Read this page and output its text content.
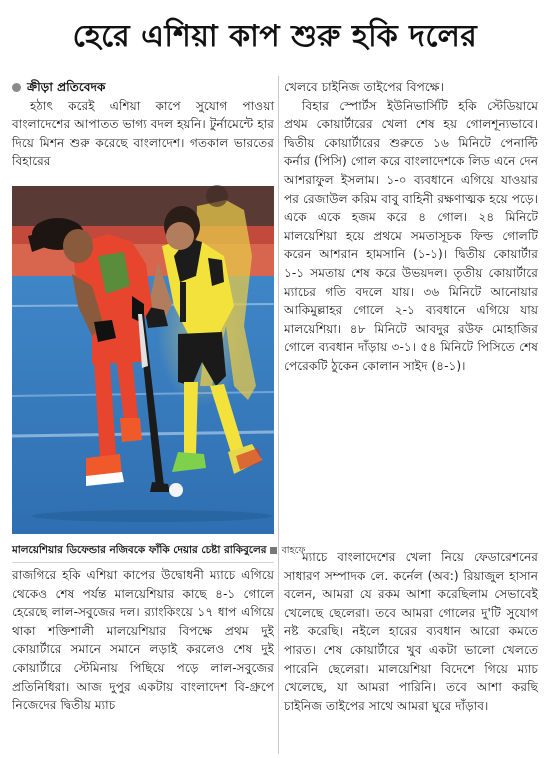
হেরে এশিয়া কাপ শুরু হকি দলের

ক্রীড়া প্রতিবেদক

হঠাৎ করেই এশিয়া কাপে সুযোগ পাওয়া বাংলাদেশের আপাতত ভাগ্য বদল হয়নি। টুর্নামেন্টে হার দিয়ে মিশন শুরু করেছে বাংলাদেশ। গতকাল ভারতের বিহারের

মালয়েশিয়ার ডিফেন্ডার নজিবকে ফাঁকি দেয়ার চেষ্টা রাকিবুলের বাহফে

খেলবে চাইনিজ তাইপের বিপক্ষে।

বিহার স্পোর্টস ইউনিভার্সিটি হকি স্টেডিয়ামে প্রথম কোয়ার্টারের খেলা শেষ হয় গোলশূন্যভাবে। দ্বিতীয় কোয়ার্টারের শুরুতে ১৬ মিনিটে পেনাল্টি কর্নার (পিসি) গোল করে বাংলাদেশকে লিড এনে দেন আশরাফুল ইসলাম। ১-০ ব্যবধানে এগিয়ে যাওয়ার পর রেজাউল করিম বাবু বাহিনী রক্ষণাত্মক হয়ে পড়ে। একে একে হজম করে ৪ গোল। ২৪ মিনিটে মালয়েশিয়া হয়ে প্রথমে সমতাসূচক ফিল্ড গোলটি করেন আশরান হামসানি (১-১)। দ্বিতীয় কোয়ার্টার ১-১ সমতায় শেষ করে উভয়দল। তৃতীয় কোয়ার্টারে ম্যাচের গতি বদলে যায়। ৩৬ মিনিটে আনোয়ার আকিমুল্লাহর গোলে ২-১ ব্যবধানে এগিয়ে যায় মালয়েশিয়া। ৪৮ মিনিটে আবদুর রউফ মোহাজির গোলে ব্যবধান দাঁড়ায় ৩-১। ৫৪ মিনিটে পিসিতে শেষ পেরেকটি ঠুকেন কোলান সাইদ (৪-১)।

রাজগিরে হকি এশিয়া কাপের উদ্বোধনী ম্যাচে এগিয়ে থেকেও শেষ পর্যন্ত মালয়েশিয়ার কাছে ৪-১ গোলে হেরেছে লাল-সবুজের দল। র‍্যাংকিংয়ে ১৭ ধাপ এগিয়ে থাকা শক্তিশালী মালয়েশিয়ার বিপক্ষে প্রথম দুই কোয়ার্টারে সমানে সমানে লড়াই করলেও শেষ দুই কোয়ার্টারে স্টেমিনায় পিছিয়ে পড়ে লাল-সবুজের প্রতিনিধিরা। আজ দুপুর একটায় বাংলাদেশ বি-গ্রুপে নিজেদের দ্বিতীয় ম্যাচ

ম্যাচে বাংলাদেশের খেলা নিয়ে ফেডারেশনের সাধারণ সম্পাদক লে. কর্নেল (অব:) রিয়াজুল হাসান বলেন, আমরা যে রকম আশা করেছিলাম সেভাবেই খেলেছে ছেলেরা। তবে আমরা গোলের দু'টি সুযোগ নষ্ট করেছি। নইলে হারের ব্যবধান আরো কমতে পারত। শেষ কোয়ার্টারে খুব একটা ভালো খেলতে পারেনি ছেলেরা। মালয়েশিয়া বিদেশে গিয়ে ম্যাচ খেলেছে, যা আমরা পারিনি। তবে আশা করছি চাইনিজ তাইপের সাথে আমরা ঘুরে দাঁড়াব।
